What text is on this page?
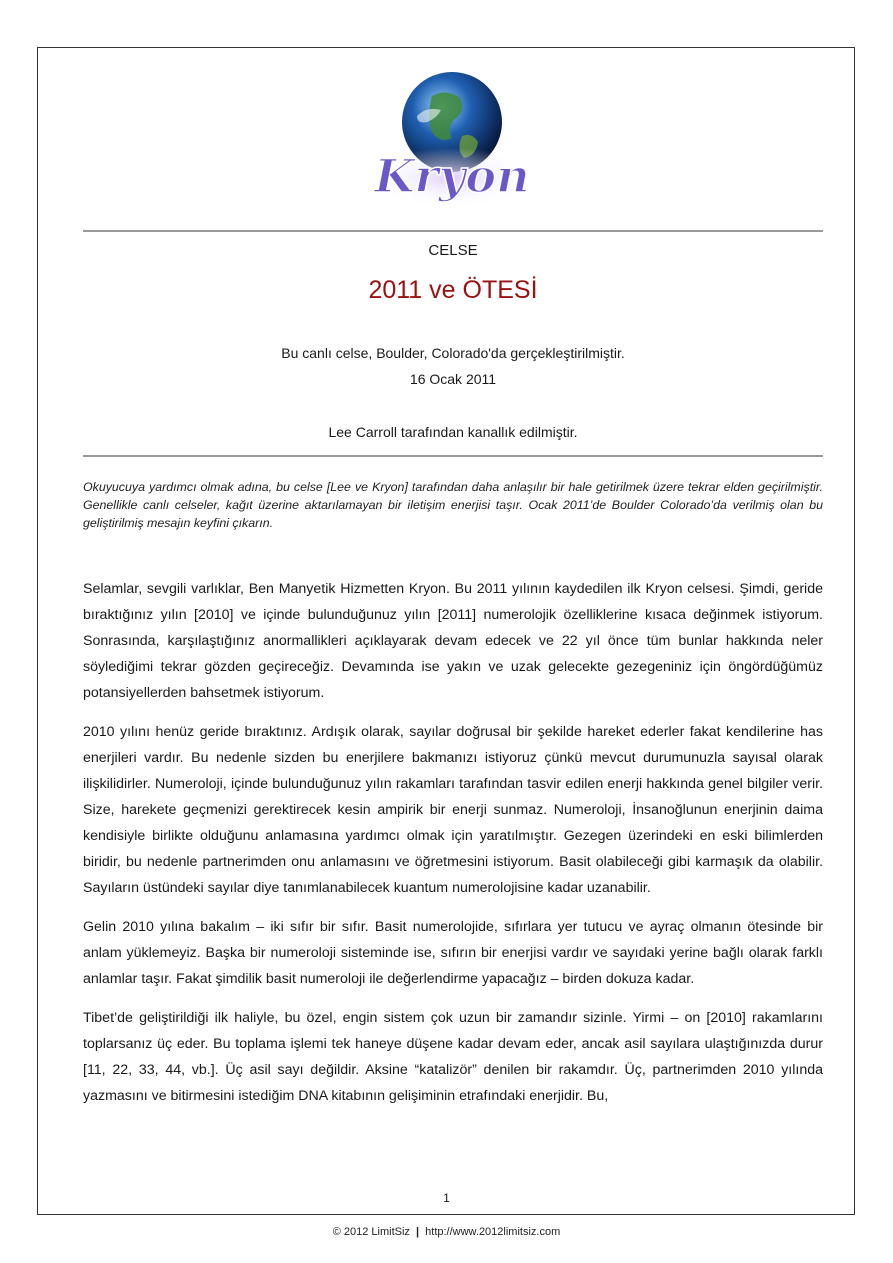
Kryon
CELSE
2011 ve ÖTESİ
Bu canlı celse, Boulder, Colorado'da gerçekleştirilmiştir.
16 Ocak 2011
Lee Carroll tarafından kanallık edilmiştir.
Okuyucuya yardımcı olmak adına, bu celse [Lee ve Kryon] tarafından daha anlaşılır bir hale getirilmek üzere tekrar elden geçirilmiştir. Genellikle canlı celseler, kağıt üzerine aktarılamayan bir iletişim enerjisi taşır. Ocak 2011’de Boulder Colorado’da verilmiş olan bu geliştirilmiş mesajın keyfini çıkarın.

Selamlar, sevgili varlıklar, Ben Manyetik Hizmetten Kryon. Bu 2011 yılının kaydedilen ilk Kryon celsesi. Şimdi, geride bıraktığınız yılın [2010] ve içinde bulunduğunuz yılın [2011] numerolojik özelliklerine kısaca değinmek istiyorum. Sonrasında, karşılaştığınız anormallikleri açıklayarak devam edecek ve 22 yıl önce tüm bunlar hakkında neler söylediğimi tekrar gözden geçireceğiz. Devamında ise yakın ve uzak gelecekte gezegeniniz için öngördüğümüz potansiyellerden bahsetmek istiyorum.

2010 yılını henüz geride bıraktınız. Ardışık olarak, sayılar doğrusal bir şekilde hareket ederler fakat kendilerine has enerjileri vardır. Bu nedenle sizden bu enerjilere bakmanızı istiyoruz çünkü mevcut durumunuzla sayısal olarak ilişkilidirler. Numeroloji, içinde bulunduğunuz yılın rakamları tarafından tasvir edilen enerji hakkında genel bilgiler verir. Size, harekete geçmenizi gerektirecek kesin ampirik bir enerji sunmaz. Numeroloji, İnsanoğlunun enerjinin daima kendisiyle birlikte olduğunu anlamasına yardımcı olmak için yaratılmıştır. Gezegen üzerindeki en eski bilimlerden biridir, bu nedenle partnerimden onu anlamasını ve öğretmesini istiyorum. Basit olabileceği gibi karmaşık da olabilir. Sayıların üstündeki sayılar diye tanımlanabilecek kuantum numerolojisine kadar uzanabilir.

Gelin 2010 yılına bakalım – iki sıfır bir sıfır. Basit numerolojide, sıfırlara yer tutucu ve ayraç olmanın ötesinde bir anlam yüklemeyiz. Başka bir numeroloji sisteminde ise, sıfırın bir enerjisi vardır ve sayıdaki yerine bağlı olarak farklı anlamlar taşır. Fakat şimdilik basit numeroloji ile değerlendirme yapacağız – birden dokuza kadar.

Tibet’de geliştirildiği ilk haliyle, bu özel, engin sistem çok uzun bir zamandır sizinle. Yirmi – on [2010] rakamlarını toplarsanız üç eder. Bu toplama işlemi tek haneye düşene kadar devam eder, ancak asil sayılara ulaştığınızda durur [11, 22, 33, 44, vb.]. Üç asil sayı değildir. Aksine “katalizör” denilen bir rakamdır. Üç, partnerimden 2010 yılında yazmasını ve bitirmesini istediğim DNA kitabının gelişiminin etrafındaki enerjidir. Bu,

1
© 2012 LimitSiz | http://www.2012limitsiz.com
